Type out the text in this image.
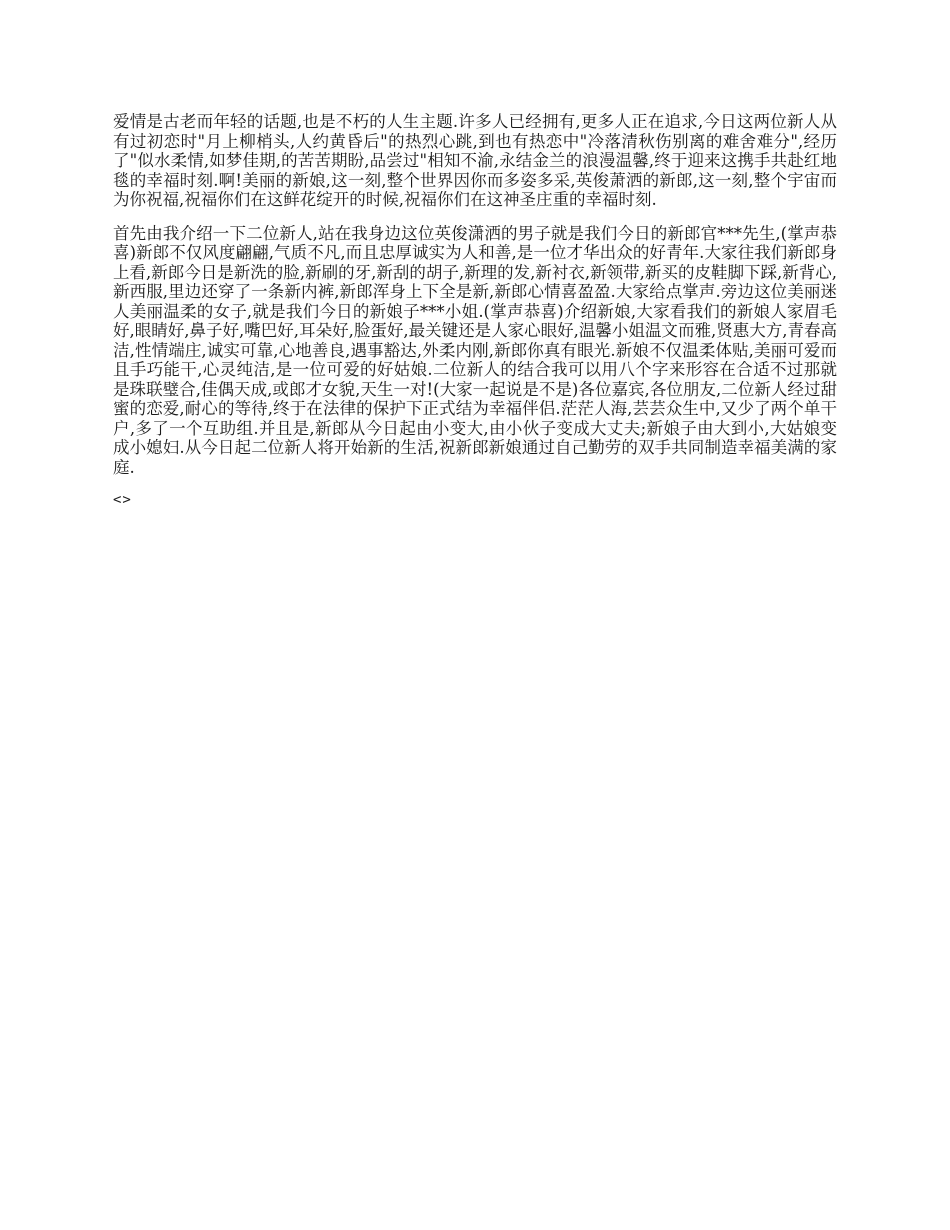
爱情是古老而年轻的话题,也是不朽的人生主题.许多人已经拥有,更多人正在追求,今日这两位新人从有过初恋时"月上柳梢头,人约黄昏后"的热烈心跳,到也有热恋中"冷落清秋伤别离的难舍难分",经历了"似水柔情,如梦佳期,的苦苦期盼,品尝过"相知不渝,永结金兰的浪漫温馨,终于迎来这携手共赴红地毯的幸福时刻.啊!美丽的新娘,这一刻,整个世界因你而多姿多采,英俊萧洒的新郎,这一刻,整个宇宙而为你祝福,祝福你们在这鲜花绽开的时候,祝福你们在这神圣庄重的幸福时刻.

首先由我介绍一下二位新人,站在我身边这位英俊潇洒的男子就是我们今日的新郎官***先生,(掌声恭喜)新郎不仅风度翩翩,气质不凡,而且忠厚诚实为人和善,是一位才华出众的好青年.大家往我们新郎身上看,新郎今日是新洗的脸,新刷的牙,新刮的胡子,新理的发,新衬衣,新领带,新买的皮鞋脚下踩,新背心,新西服,里边还穿了一条新内裤,新郎浑身上下全是新,新郎心情喜盈盈.大家给点掌声.旁边这位美丽迷人美丽温柔的女子,就是我们今日的新娘子***小姐.(掌声恭喜)介绍新娘,大家看我们的新娘人家眉毛好,眼睛好,鼻子好,嘴巴好,耳朵好,脸蛋好,最关键还是人家心眼好,温馨小姐温文而雅,贤惠大方,青春高洁,性情端庄,诚实可靠,心地善良,遇事豁达,外柔内刚,新郎你真有眼光.新娘不仅温柔体贴,美丽可爱而且手巧能干,心灵纯洁,是一位可爱的好姑娘.二位新人的结合我可以用八个字来形容在合适不过那就是珠联璧合,佳偶天成,或郎才女貌,天生一对!(大家一起说是不是)各位嘉宾,各位朋友,二位新人经过甜蜜的恋爱,耐心的等待,终于在法律的保护下正式结为幸福伴侣.茫茫人海,芸芸众生中,又少了两个单干户,多了一个互助组.并且是,新郎从今日起由小变大,由小伙子变成大丈夫;新娘子由大到小,大姑娘变成小媳妇.从今日起二位新人将开始新的生活,祝新郎新娘通过自己勤劳的双手共同制造幸福美满的家庭.

<>
